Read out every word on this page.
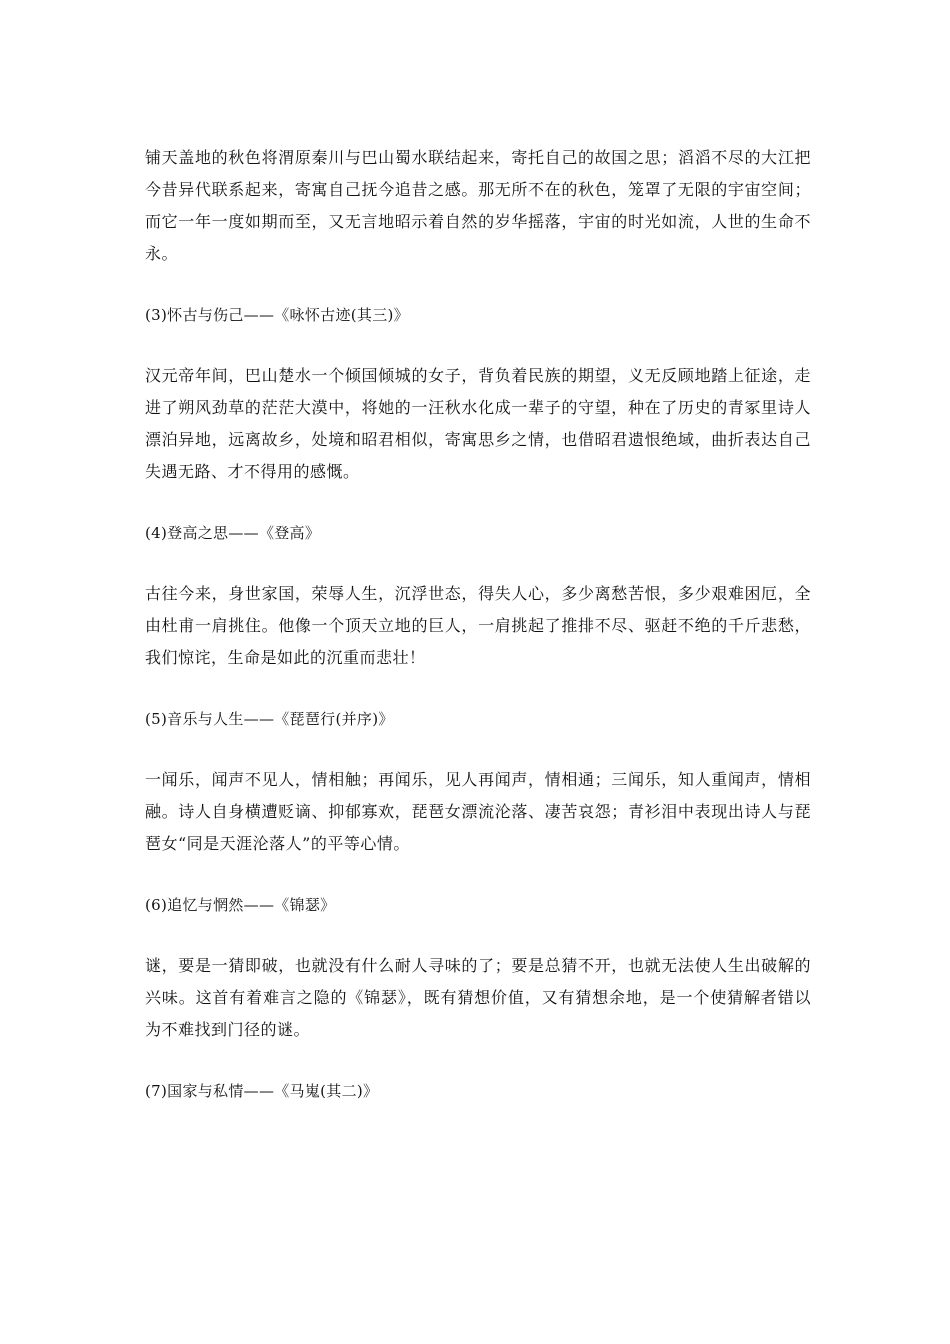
铺天盖地的秋色将渭原秦川与巴山蜀水联结起来，寄托自己的故国之思；滔滔不尽的大江把今昔异代联系起来，寄寓自己抚今追昔之感。那无所不在的秋色，笼罩了无限的宇宙空间；而它一年一度如期而至，又无言地昭示着自然的岁华摇落，宇宙的时光如流，人世的生命不永。

(3)怀古与伤己——《咏怀古迹(其三)》

汉元帝年间，巴山楚水一个倾国倾城的女子，背负着民族的期望，义无反顾地踏上征途，走进了朔风劲草的茫茫大漠中，将她的一汪秋水化成一辈子的守望，种在了历史的青冢里诗人漂泊异地，远离故乡，处境和昭君相似，寄寓思乡之情，也借昭君遗恨绝域，曲折表达自己失遇无路、才不得用的感慨。

(4)登高之思——《登高》

古往今来，身世家国，荣辱人生，沉浮世态，得失人心，多少离愁苦恨，多少艰难困厄，全由杜甫一肩挑住。他像一个顶天立地的巨人，一肩挑起了推排不尽、驱赶不绝的千斤悲愁，我们惊诧，生命是如此的沉重而悲壮！

(5)音乐与人生——《琵琶行(并序)》

一闻乐，闻声不见人，情相触；再闻乐，见人再闻声，情相通；三闻乐，知人重闻声，情相融。诗人自身横遭贬谪、抑郁寡欢，琵琶女漂流沦落、凄苦哀怨；青衫泪中表现出诗人与琵琶女“同是天涯沦落人”的平等心情。

(6)追忆与惘然——《锦瑟》

谜，要是一猜即破，也就没有什么耐人寻味的了；要是总猜不开，也就无法使人生出破解的兴味。这首有着难言之隐的《锦瑟》，既有猜想价值，又有猜想余地，是一个使猜解者错以为不难找到门径的谜。

(7)国家与私情——《马嵬(其二)》
